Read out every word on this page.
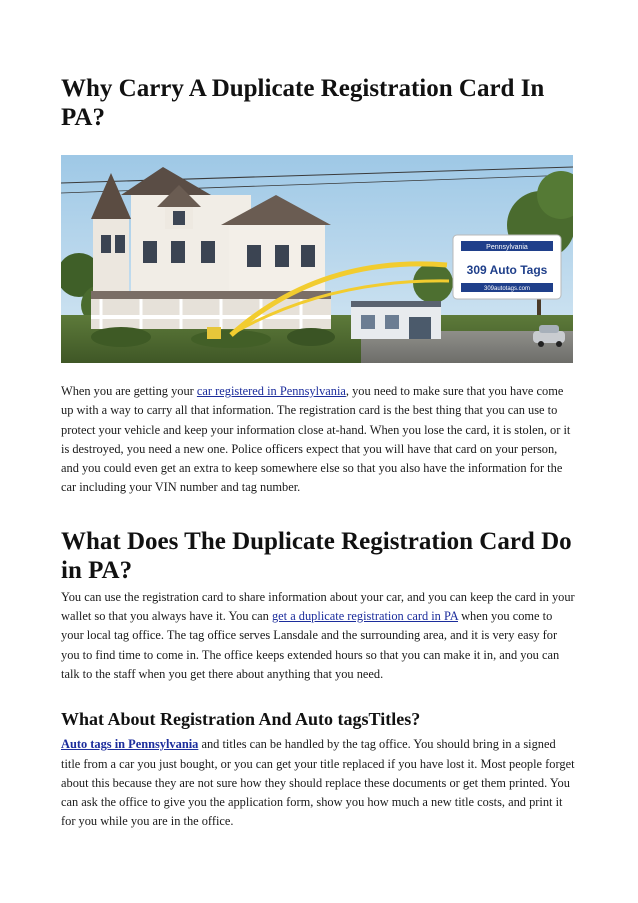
Why Carry A Duplicate Registration Card In PA?
Pennsylvania
309 Auto Tags
309autotags.com

When you are getting your car registered in Pennsylvania, you need to make sure that you have come up with a way to carry all that information. The registration card is the best thing that you can use to protect your vehicle and keep your information close at-hand. When you lose the card, it is stolen, or it is destroyed, you need a new one. Police officers expect that you will have that card on your person, and you could even get an extra to keep somewhere else so that you also have the information for the car including your VIN number and tag number.

What Does The Duplicate Registration Card Do in PA?

You can use the registration card to share information about your car, and you can keep the card in your wallet so that you always have it. You can get a duplicate registration card in PA when you come to your local tag office. The tag office serves Lansdale and the surrounding area, and it is very easy for you to find time to come in. The office keeps extended hours so that you can make it in, and you can talk to the staff when you get there about anything that you need.

What About Registration And Auto tagsTitles?

Auto tags in Pennsylvania and titles can be handled by the tag office. You should bring in a signed title from a car you just bought, or you can get your title replaced if you have lost it. Most people forget about this because they are not sure how they should replace these documents or get them printed. You can ask the office to give you the application form, show you how much a new title costs, and print it for you while you are in the office.
